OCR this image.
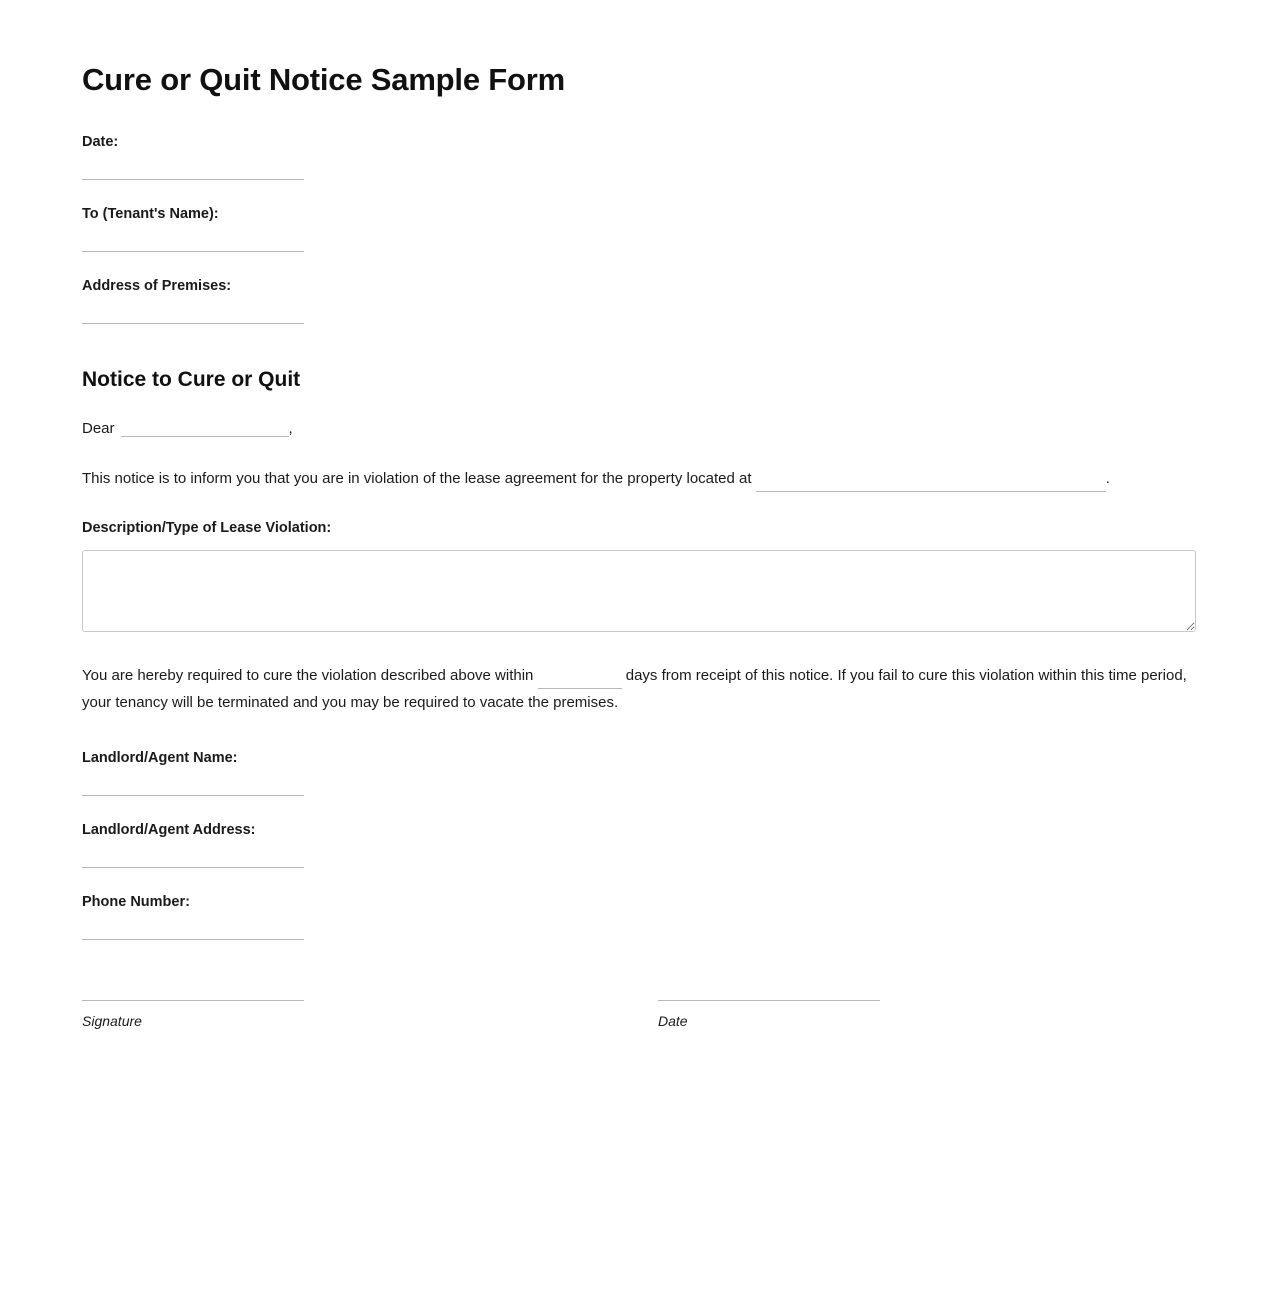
Cure or Quit Notice Sample Form
Date:
To (Tenant's Name):
Address of Premises:
Notice to Cure or Quit
Dear	,

This notice is to inform you that you are in violation of the lease agreement for the property located at	.

Description/Type of Lease Violation:

You are hereby required to cure the violation described above within	days from receipt of this notice. If you fail to cure this violation within this time period, your tenancy will be terminated and you may be required to vacate the premises.

Landlord/Agent Name:
Landlord/Agent Address:
Phone Number:
Signature	Date
